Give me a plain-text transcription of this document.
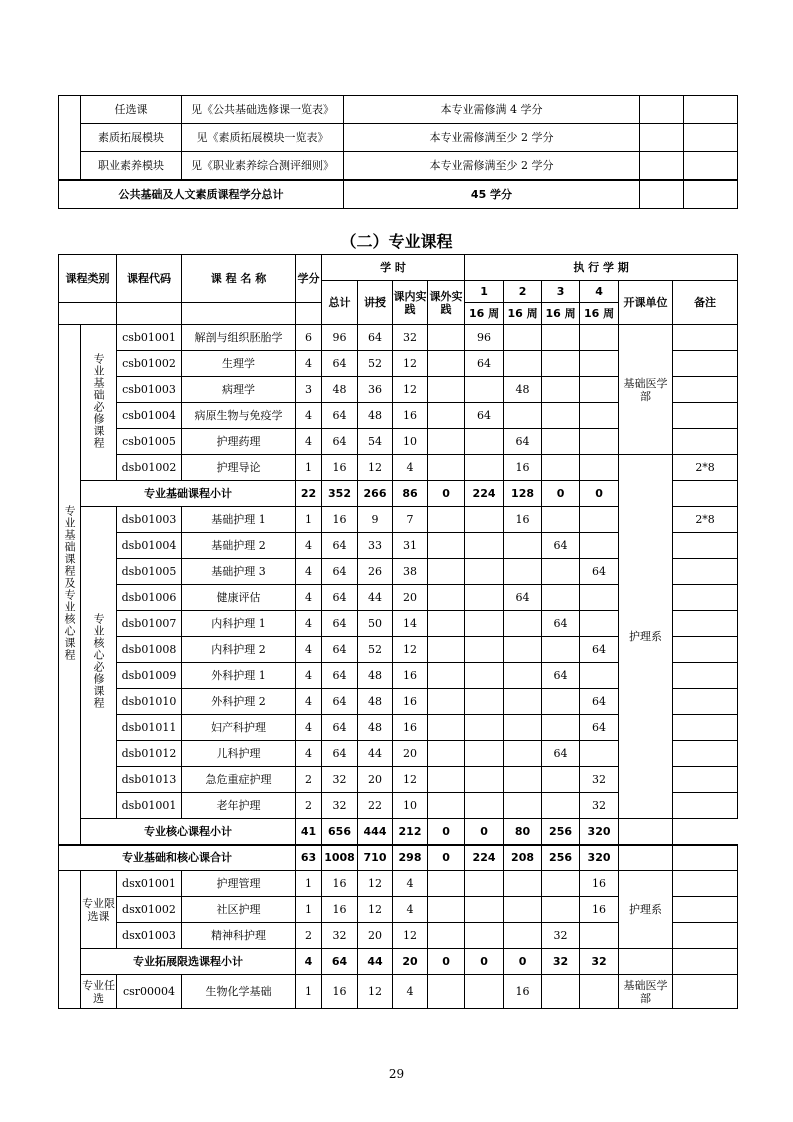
	任选课	见《公共基础选修课一览表》	本专业需修满 4 学分		
	素质拓展模块	见《素质拓展模块一览表》	本专业需修满至少 2 学分		
	职业素养模块	见《职业素养综合测评细则》	本专业需修满至少 2 学分		
公共基础及人文素质课程学分总计			45 学分		
（二）专业课程
课程类别		课程代码	课 程 名 称	学分	学 时				执 行 学 期					
					总计	讲授	课内实践	课外实践	1	2	3	4	开课单位	备注
									16 周	16 周	16 周	16 周		
专业基础课程及专业核心课程	专业基础必修课程	csb01001	解剖与组织胚胎学	6	96	64	32		96				基础医学部	
		csb01002	生理学	4	64	52	12		64					
		csb01003	病理学	3	48	36	12			48				
		csb01004	病原生物与免疫学	4	64	48	16		64					
		csb01005	护理药理	4	64	54	10			64				
		dsb01002	护理导论	1	16	12	4			16			护理系	2*8
	专业基础课程小计			22	352	266	86	0	224	128	0	0		
	专业核心必修课程	dsb01003	基础护理 1	1	16	9	7			16				2*8
		dsb01004	基础护理 2	4	64	33	31				64			
		dsb01005	基础护理 3	4	64	26	38					64		
		dsb01006	健康评估	4	64	44	20			64				
		dsb01007	内科护理 1	4	64	50	14				64			
		dsb01008	内科护理 2	4	64	52	12					64		
		dsb01009	外科护理 1	4	64	48	16				64			
		dsb01010	外科护理 2	4	64	48	16					64		
		dsb01011	妇产科护理	4	64	48	16					64		
		dsb01012	儿科护理	4	64	44	20				64			
		dsb01013	急危重症护理	2	32	20	12					32		
		dsb01001	老年护理	2	32	22	10					32		
	专业核心课程小计			41	656	444	212	0	0	80	256	320		
专业基础和核心课合计				63	1008	710	298	0	224	208	256	320		
	专业限选课	dsx01001	护理管理	1	16	12	4					16	护理系	
		dsx01002	社区护理	1	16	12	4					16		
		dsx01003	精神科护理	2	32	20	12				32			
	专业拓展限选课程小计			4	64	44	20	0	0	0	32	32		
	专业任选	csr00004	生物化学基础	1	16	12	4			16			基础医学部	
29
